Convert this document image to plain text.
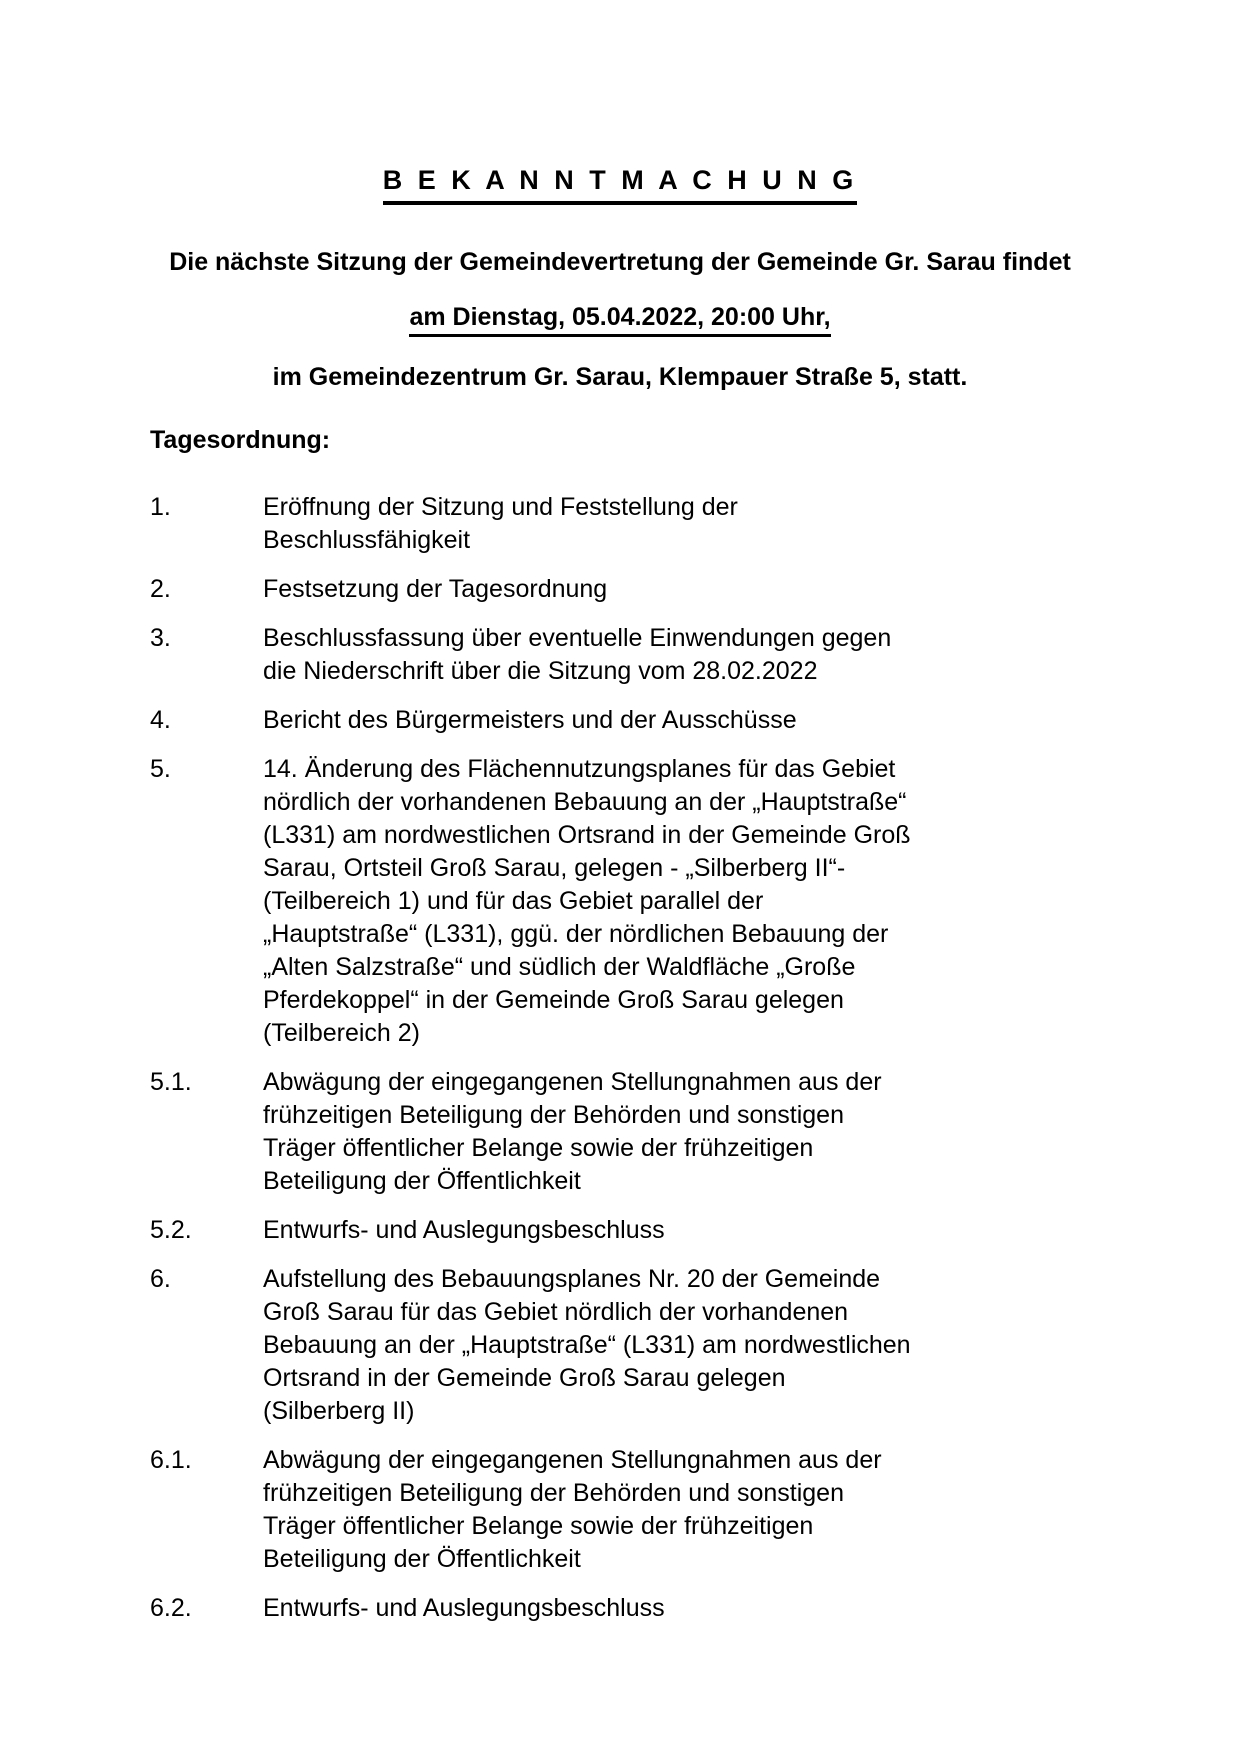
B E K A N N T M A C H U N G
Die nächste Sitzung der Gemeindevertretung der Gemeinde Gr. Sarau findet
am Dienstag, 05.04.2022, 20:00 Uhr,
im Gemeindezentrum Gr. Sarau, Klempauer Straße 5, statt.
Tagesordnung:
1.	Eröffnung der Sitzung und Feststellung der
Beschlussfähigkeit
2.	Festsetzung der Tagesordnung
3.	Beschlussfassung über eventuelle Einwendungen gegen
die Niederschrift über die Sitzung vom 28.02.2022
4.	Bericht des Bürgermeisters und der Ausschüsse
5.	14. Änderung des Flächennutzungsplanes für das Gebiet
nördlich der vorhandenen Bebauung an der „Hauptstraße“
(L331) am nordwestlichen Ortsrand in der Gemeinde Groß
Sarau, Ortsteil Groß Sarau, gelegen - „Silberberg II“-
(Teilbereich 1) und für das Gebiet parallel der
„Hauptstraße“ (L331), ggü. der nördlichen Bebauung der
„Alten Salzstraße“ und südlich der Waldfläche „Große
Pferdekoppel“ in der Gemeinde Groß Sarau gelegen
(Teilbereich 2)
5.1.	Abwägung der eingegangenen Stellungnahmen aus der
frühzeitigen Beteiligung der Behörden und sonstigen
Träger öffentlicher Belange sowie der frühzeitigen
Beteiligung der Öffentlichkeit
5.2.	Entwurfs- und Auslegungsbeschluss
6.	Aufstellung des Bebauungsplanes Nr. 20 der Gemeinde
Groß Sarau für das Gebiet nördlich der vorhandenen
Bebauung an der „Hauptstraße“ (L331) am nordwestlichen
Ortsrand in der Gemeinde Groß Sarau gelegen
(Silberberg II)
6.1.	Abwägung der eingegangenen Stellungnahmen aus der
frühzeitigen Beteiligung der Behörden und sonstigen
Träger öffentlicher Belange sowie der frühzeitigen
Beteiligung der Öffentlichkeit
6.2.	Entwurfs- und Auslegungsbeschluss
